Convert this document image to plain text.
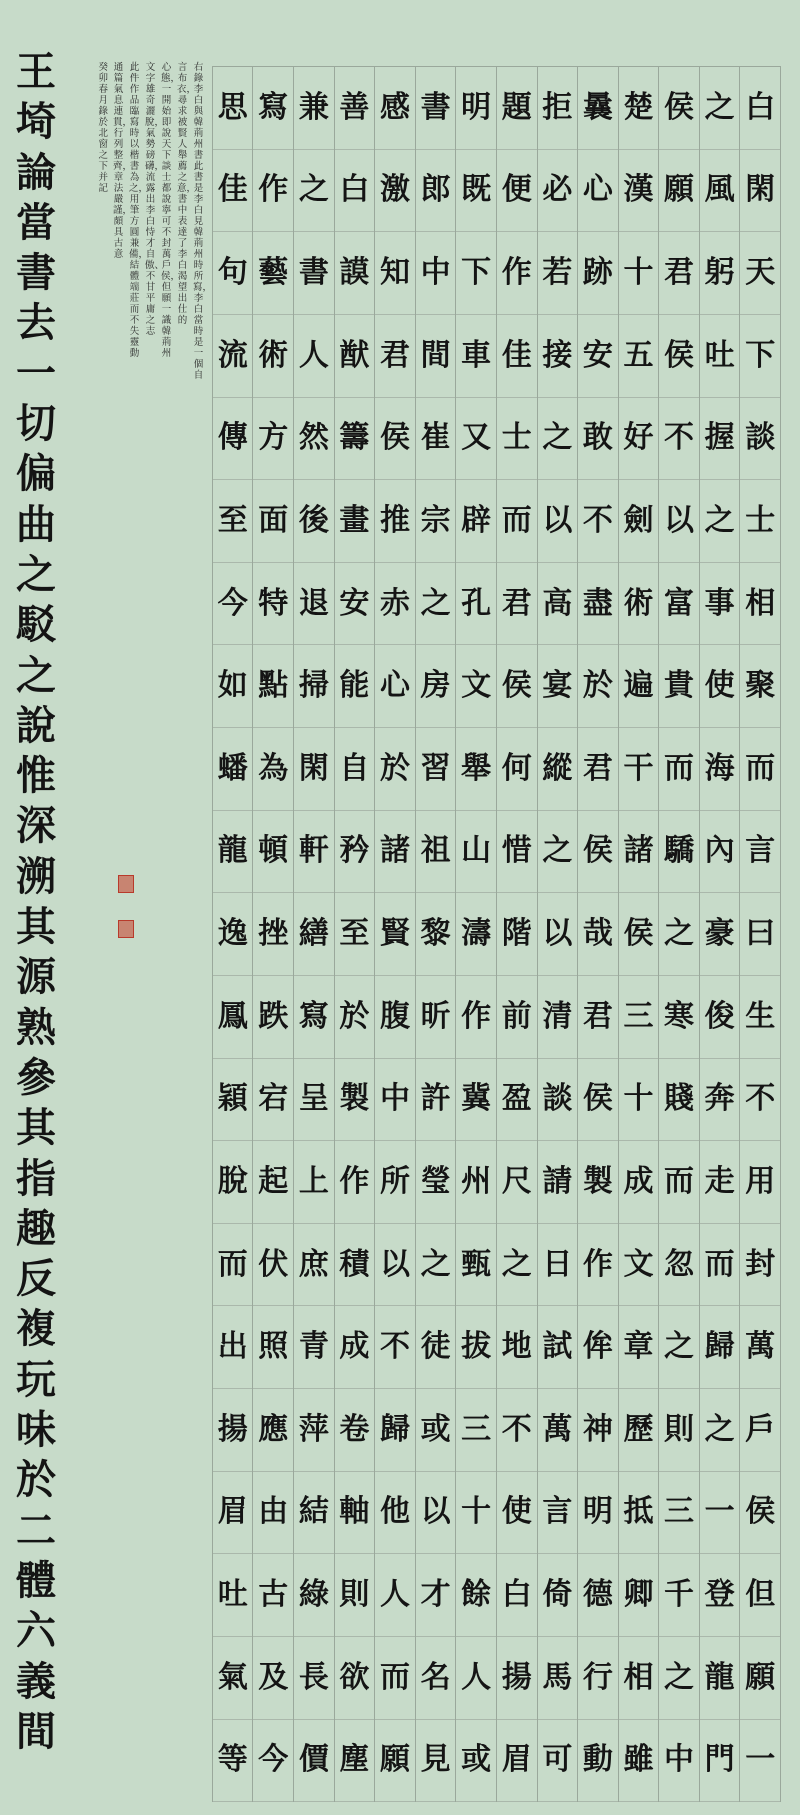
王
埼
論
當
書
去
一
切
偏
曲
之
駁
之
說
惟
深
溯
其
源
熟
參
其
指
趣
反
複
玩
味
於
二
體
六
義
間
右錄李白與韓荊州書此書是李白見韓荊州時所寫，李白當時是一個自
言布衣，尋求被賢人舉薦之意，書中表達了李白渴望出仕的
心態，一開始即說天下談士都說寧可不封萬戶侯，但願一識韓荊州
文字雄奇灑脫，氣勢磅礴，流露出李白恃才自傲、不甘平庸之志
此件作品臨寫時以楷書為之，用筆方圓兼備，結體端莊而不失靈動
通篇氣息連貫，行列整齊，章法嚴謹，頗具古意
癸卯春月錄於北窗之下并記
白
閑
天
下
談
士
相
聚
而
言
曰
生
不
用
封
萬
戶
侯
但
願
一
之
風
躬
吐
握
之
事
使
海
內
豪
俊
奔
走
而
歸
之
一
登
龍
門
侯
願
君
侯
不
以
富
貴
而
驕
之
寒
賤
而
忽
之
則
三
千
之
中
楚
漢
十
五
好
劍
術
遍
干
諸
侯
三
十
成
文
章
歷
抵
卿
相
雖
曩
心
跡
安
敢
不
盡
於
君
侯
哉
君
侯
製
作
侔
神
明
德
行
動
拒
必
若
接
之
以
高
宴
縱
之
以
清
談
請
日
試
萬
言
倚
馬
可
題
便
作
佳
士
而
君
侯
何
惜
階
前
盈
尺
之
地
不
使
白
揚
眉
明
既
下
車
又
辟
孔
文
舉
山
濤
作
冀
州
甄
拔
三
十
餘
人
或
書
郎
中
間
崔
宗
之
房
習
祖
黎
昕
許
瑩
之
徒
或
以
才
名
見
感
激
知
君
侯
推
赤
心
於
諸
賢
腹
中
所
以
不
歸
他
人
而
願
善
白
謨
猷
籌
畫
安
能
自
矜
至
於
製
作
積
成
卷
軸
則
欲
塵
兼
之
書
人
然
後
退
掃
閑
軒
繕
寫
呈
上
庶
青
萍
結
綠
長
價
寫
作
藝
術
方
面
特
點
為
頓
挫
跌
宕
起
伏
照
應
由
古
及
今
思
佳
句
流
傳
至
今
如
蟠
龍
逸
鳳
穎
脫
而
出
揚
眉
吐
氣
等
